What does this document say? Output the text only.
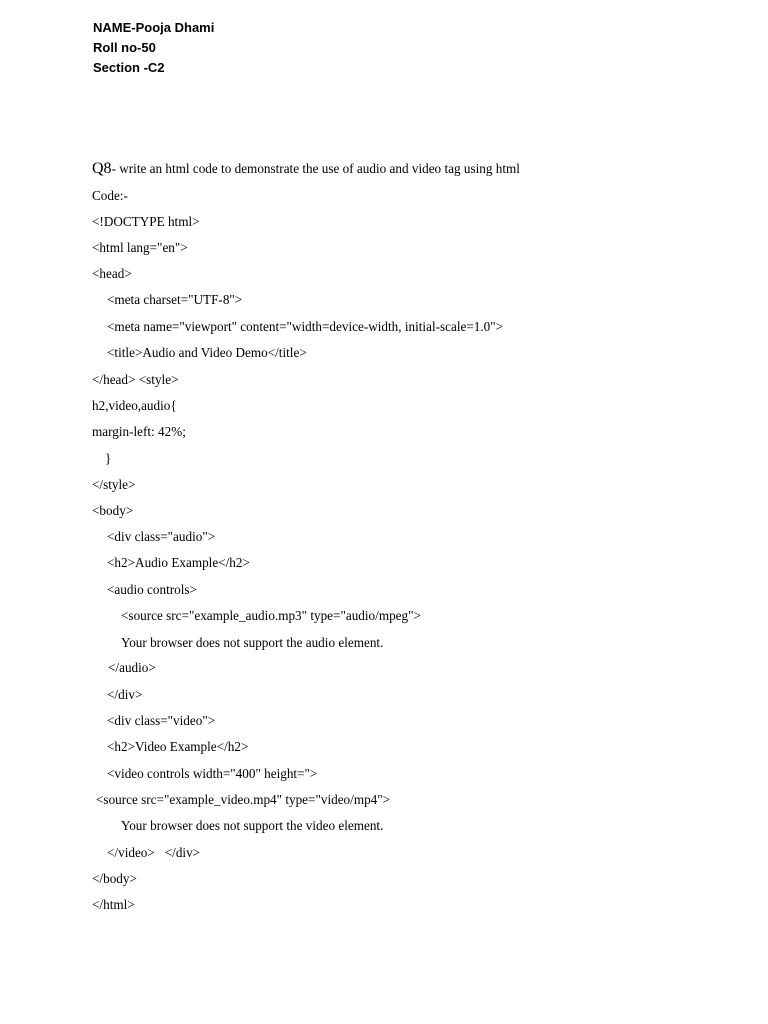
NAME-Pooja Dhami
Roll no-50
Section -C2
Q8- write an html code to demonstrate the use of audio and video tag using html
Code:-
<!DOCTYPE html>
<html lang="en">
<head>
<meta charset="UTF-8">
<meta name="viewport" content="width=device-width, initial-scale=1.0">
<title>Audio and Video Demo</title>
</head> <style>
h2,video,audio{
margin-left: 42%;
}
</style>
<body>
<div class="audio">
<h2>Audio Example</h2>
<audio controls>
<source src="example_audio.mp3" type="audio/mpeg">
Your browser does not support the audio element.
</audio>
</div>
<div class="video">
<h2>Video Example</h2>
<video controls width="400" height=">
<source src="example_video.mp4" type="video/mp4">
Your browser does not support the video element.
</video>   </div>
</body>
</html>
